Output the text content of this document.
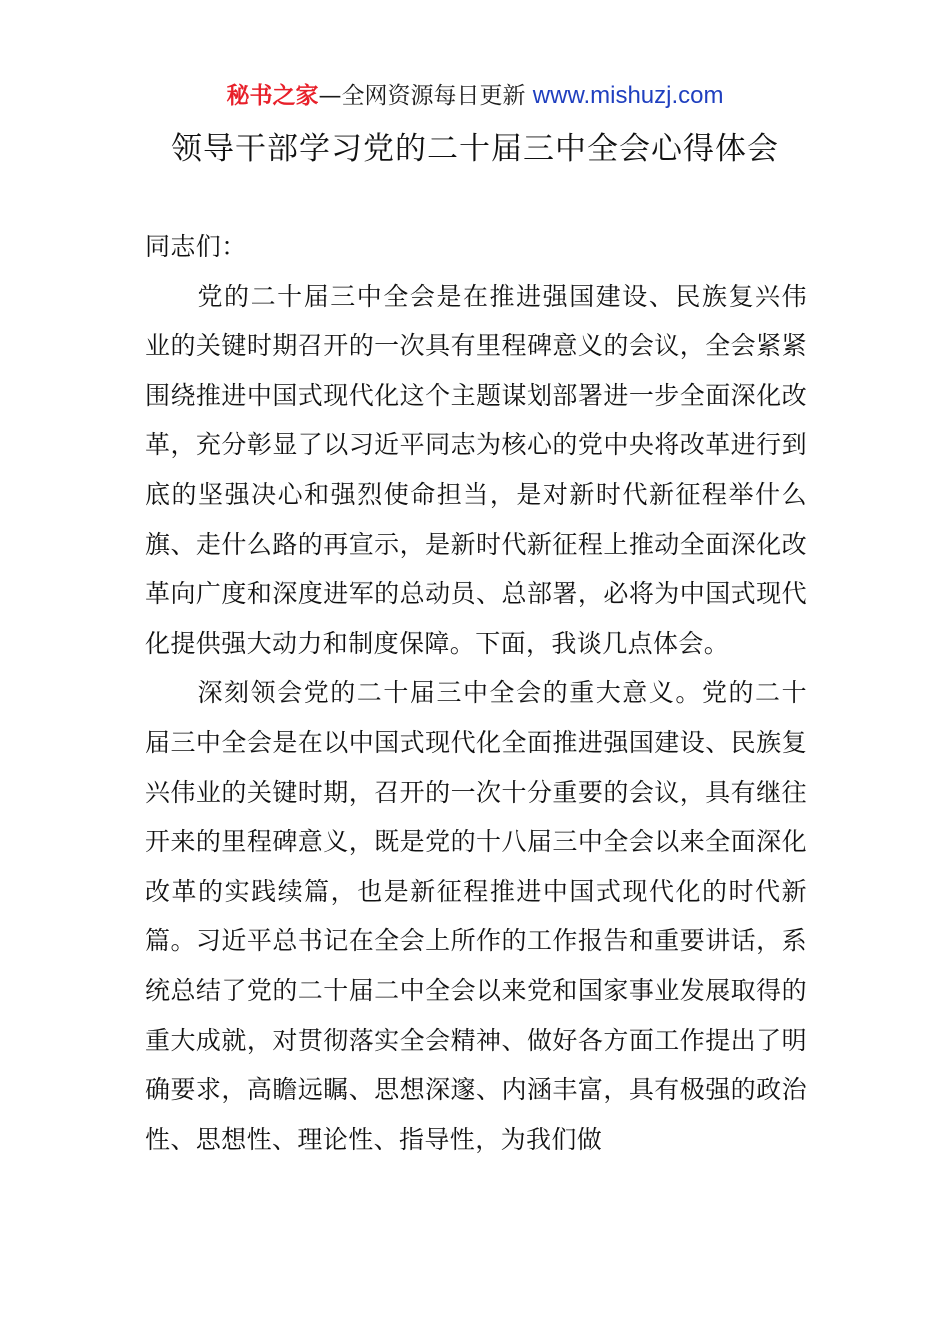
秘书之家—全网资源每日更新 www.mishuzj.com
领导干部学习党的二十届三中全会心得体会

同志们：

党的二十届三中全会是在推进强国建设、民族复兴伟业的关键时期召开的一次具有里程碑意义的会议，全会紧紧围绕推进中国式现代化这个主题谋划部署进一步全面深化改革，充分彰显了以习近平同志为核心的党中央将改革进行到底的坚强决心和强烈使命担当，是对新时代新征程举什么旗、走什么路的再宣示，是新时代新征程上推动全面深化改革向广度和深度进军的总动员、总部署，必将为中国式现代化提供强大动力和制度保障。下面，我谈几点体会。

深刻领会党的二十届三中全会的重大意义。党的二十届三中全会是在以中国式现代化全面推进强国建设、民族复兴伟业的关键时期，召开的一次十分重要的会议，具有继往开来的里程碑意义，既是党的十八届三中全会以来全面深化改革的实践续篇，也是新征程推进中国式现代化的时代新篇。习近平总书记在全会上所作的工作报告和重要讲话，系统总结了党的二十届二中全会以来党和国家事业发展取得的重大成就，对贯彻落实全会精神、做好各方面工作提出了明确要求，高瞻远瞩、思想深邃、内涵丰富，具有极强的政治性、思想性、理论性、指导性，为我们做
